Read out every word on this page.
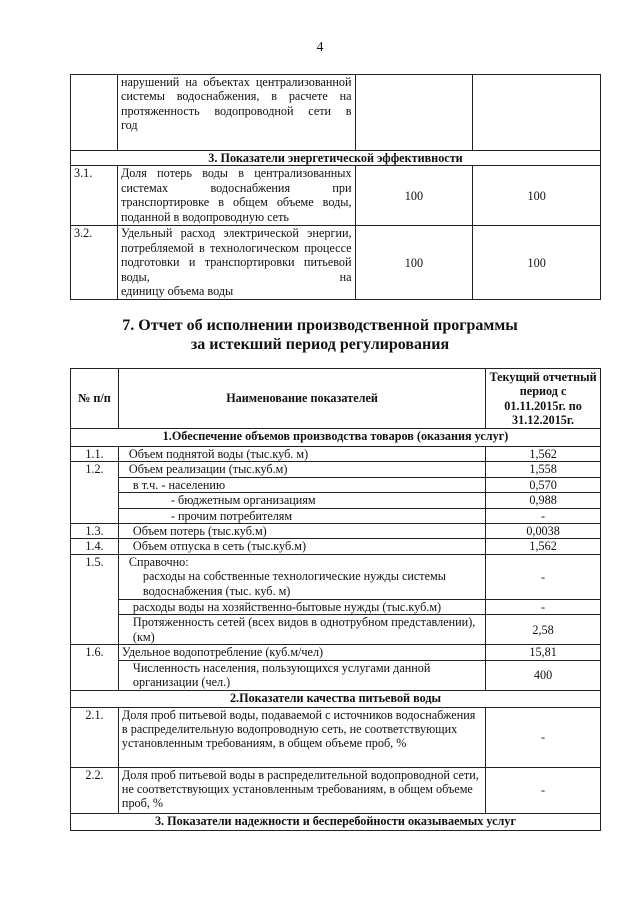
4
	нарушений на объектах централизованной системы водоснабжения, в расчете на протяженность водопроводной сети в
год		

3. Показатели энергетической эффективности			
3.1.	Доля потерь воды в централизованных системах водоснабжения при транспортировке в общем объеме воды,
поданной в водопроводную сеть	100	100
3.2.	Удельный расход электрической энергии, потребляемой в технологическом процессе подготовки и транспортировки питьевой воды, на
единицу объема воды	100	100
7. Отчет об исполнении производственной программы
за истекший период регулирования
№ п/п	Наименование показателей	Текущий отчетный период с 01.11.2015г. по 31.12.2015г.
1.Обеспечение объемов производства товаров (оказания услуг)		
1.1.	Объем поднятой воды (тыс.куб. м)	1,562
1.2.	Объем реализации (тыс.куб.м)	1,558
	в т.ч. - населению	0,570
	- бюджетным организациям	0,988
	- прочим потребителям	-
1.3.	Объем потерь (тыс.куб.м)	0,0038
1.4.	Объем отпуска в сеть (тыс.куб.м)	1,562
1.5.	Справочно:
расходы на собственные технологические нужды системы водоснабжения (тыс. куб. м)	-
	расходы воды на хозяйственно-бытовые нужды (тыс.куб.м)	-
	Протяженность сетей (всех видов в однотрубном представлении), (км)	2,58
1.6.	Удельное водопотребление (куб.м/чел)	15,81
	Численность населения, пользующихся услугами данной организации (чел.)	400
2.Показатели качества питьевой воды		
2.1.	Доля проб питьевой воды, подаваемой с источников водоснабжения в распределительную водопроводную сеть, не соответствующих установленным требованиям, в общем объеме проб, %	-
2.2.	Доля проб питьевой воды в распределительной водопроводной сети, не соответствующих установленным требованиям, в общем объеме проб, %	-
3. Показатели надежности и бесперебойности оказываемых услуг		
